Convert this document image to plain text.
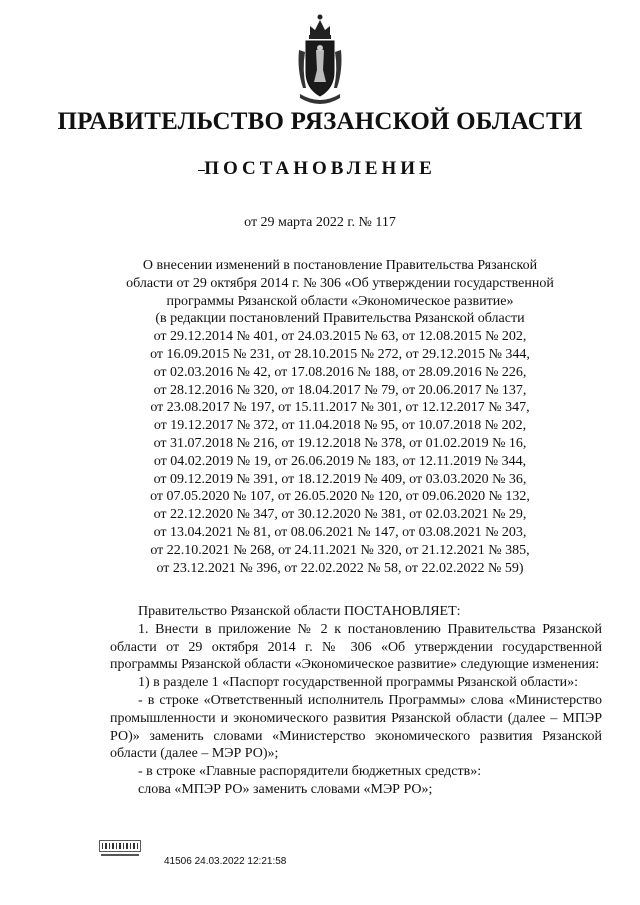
ПРАВИТЕЛЬСТВО РЯЗАНСКОЙ ОБЛАСТИ
ПОСТАНОВЛЕНИЕ
от 29 марта 2022 г. № 117
О внесении изменений в постановление Правительства Рязанской
области от 29 октября 2014 г. № 306 «Об утверждении государственной
программы Рязанской области «Экономическое развитие»
(в редакции постановлений Правительства Рязанской области
от 29.12.2014 № 401, от 24.03.2015 № 63, от 12.08.2015 № 202,
от 16.09.2015 № 231, от 28.10.2015 № 272, от 29.12.2015 № 344,
от 02.03.2016 № 42, от 17.08.2016 № 188, от 28.09.2016 № 226,
от 28.12.2016 № 320, от 18.04.2017 № 79, от 20.06.2017 № 137,
от 23.08.2017 № 197, от 15.11.2017 № 301, от 12.12.2017 № 347,
от 19.12.2017 № 372, от 11.04.2018 № 95, от 10.07.2018 № 202,
от 31.07.2018 № 216, от 19.12.2018 № 378, от 01.02.2019 № 16,
от 04.02.2019 № 19, от 26.06.2019 № 183, от 12.11.2019 № 344,
от 09.12.2019 № 391, от 18.12.2019 № 409, от 03.03.2020 № 36,
от 07.05.2020 № 107, от 26.05.2020 № 120, от 09.06.2020 № 132,
от 22.12.2020 № 347, от 30.12.2020 № 381, от 02.03.2021 № 29,
от 13.04.2021 № 81, от 08.06.2021 № 147, от 03.08.2021 № 203,
от 22.10.2021 № 268, от 24.11.2021 № 320, от 21.12.2021 № 385,
от 23.12.2021 № 396, от 22.02.2022 № 58, от 22.02.2022 № 59)
Правительство Рязанской области ПОСТАНОВЛЯЕТ:
1. Внести в приложение № 2 к постановлению Правительства Рязанской области от 29 октября 2014 г. № 306 «Об утверждении государственной программы Рязанской области «Экономическое развитие» следующие изменения:
1) в разделе 1 «Паспорт государственной программы Рязанской области»:
- в строке «Ответственный исполнитель Программы» слова «Министерство промышленности и экономического развития Рязанской области (далее – МПЭР РО)» заменить словами «Министерство экономического развития Рязанской области (далее – МЭР РО)»;
- в строке «Главные распорядители бюджетных средств»:
слова «МПЭР РО» заменить словами «МЭР РО»;
41506 24.03.2022 12:21:58
